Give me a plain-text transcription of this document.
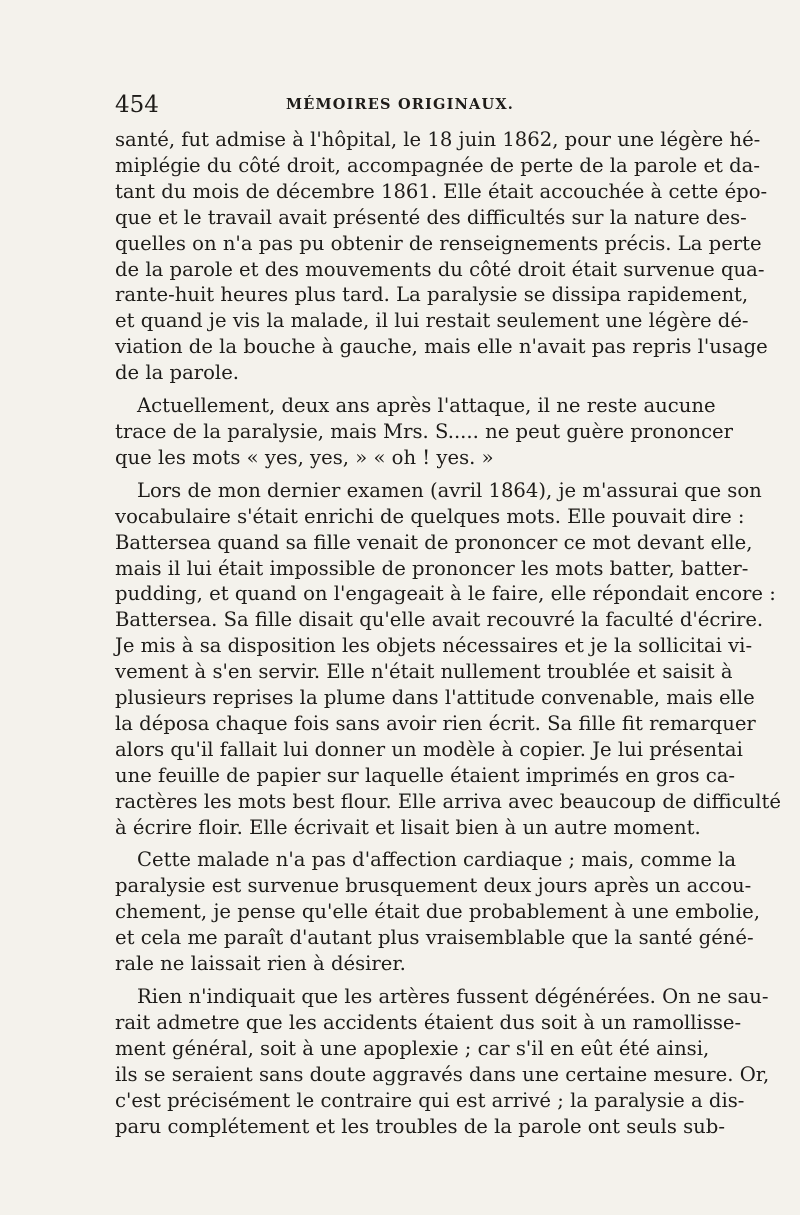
454	MÉMOIRES ORIGINAUX.

santé, fut admise à l'hôpital, le 18 juin 1862, pour une légère hé-
miplégie du côté droit, accompagnée de perte de la parole et da-
tant du mois de décembre 1861. Elle était accouchée à cette épo-
que et le travail avait présenté des difficultés sur la nature des-
quelles on n'a pas pu obtenir de renseignements précis. La perte
de la parole et des mouvements du côté droit était survenue qua-
rante-huit heures plus tard. La paralysie se dissipa rapidement,
et quand je vis la malade, il lui restait seulement une légère dé-
viation de la bouche à gauche, mais elle n'avait pas repris l'usage
de la parole.

Actuellement, deux ans après l'attaque, il ne reste aucune
trace de la paralysie, mais Mrs. S..... ne peut guère prononcer
que les mots « yes, yes, » « oh ! yes. »

Lors de mon dernier examen (avril 1864), je m'assurai que son
vocabulaire s'était enrichi de quelques mots. Elle pouvait dire :
Battersea quand sa fille venait de prononcer ce mot devant elle,
mais il lui était impossible de prononcer les mots batter, batter-
pudding, et quand on l'engageait à le faire, elle répondait encore :
Battersea. Sa fille disait qu'elle avait recouvré la faculté d'écrire.
Je mis à sa disposition les objets nécessaires et je la sollicitai vi-
vement à s'en servir. Elle n'était nullement troublée et saisit à
plusieurs reprises la plume dans l'attitude convenable, mais elle
la déposa chaque fois sans avoir rien écrit. Sa fille fit remarquer
alors qu'il fallait lui donner un modèle à copier. Je lui présentai
une feuille de papier sur laquelle étaient imprimés en gros ca-
ractères les mots best flour. Elle arriva avec beaucoup de difficulté
à écrire floir. Elle écrivait et lisait bien à un autre moment.

Cette malade n'a pas d'affection cardiaque ; mais, comme la
paralysie est survenue brusquement deux jours après un accou-
chement, je pense qu'elle était due probablement à une embolie,
et cela me paraît d'autant plus vraisemblable que la santé géné-
rale ne laissait rien à désirer.

Rien n'indiquait que les artères fussent dégénérées. On ne sau-
rait admetre que les accidents étaient dus soit à un ramollisse-
ment général, soit à une apoplexie ; car s'il en eût été ainsi,
ils se seraient sans doute aggravés dans une certaine mesure. Or,
c'est précisément le contraire qui est arrivé ; la paralysie a dis-
paru complétement et les troubles de la parole ont seuls sub-
